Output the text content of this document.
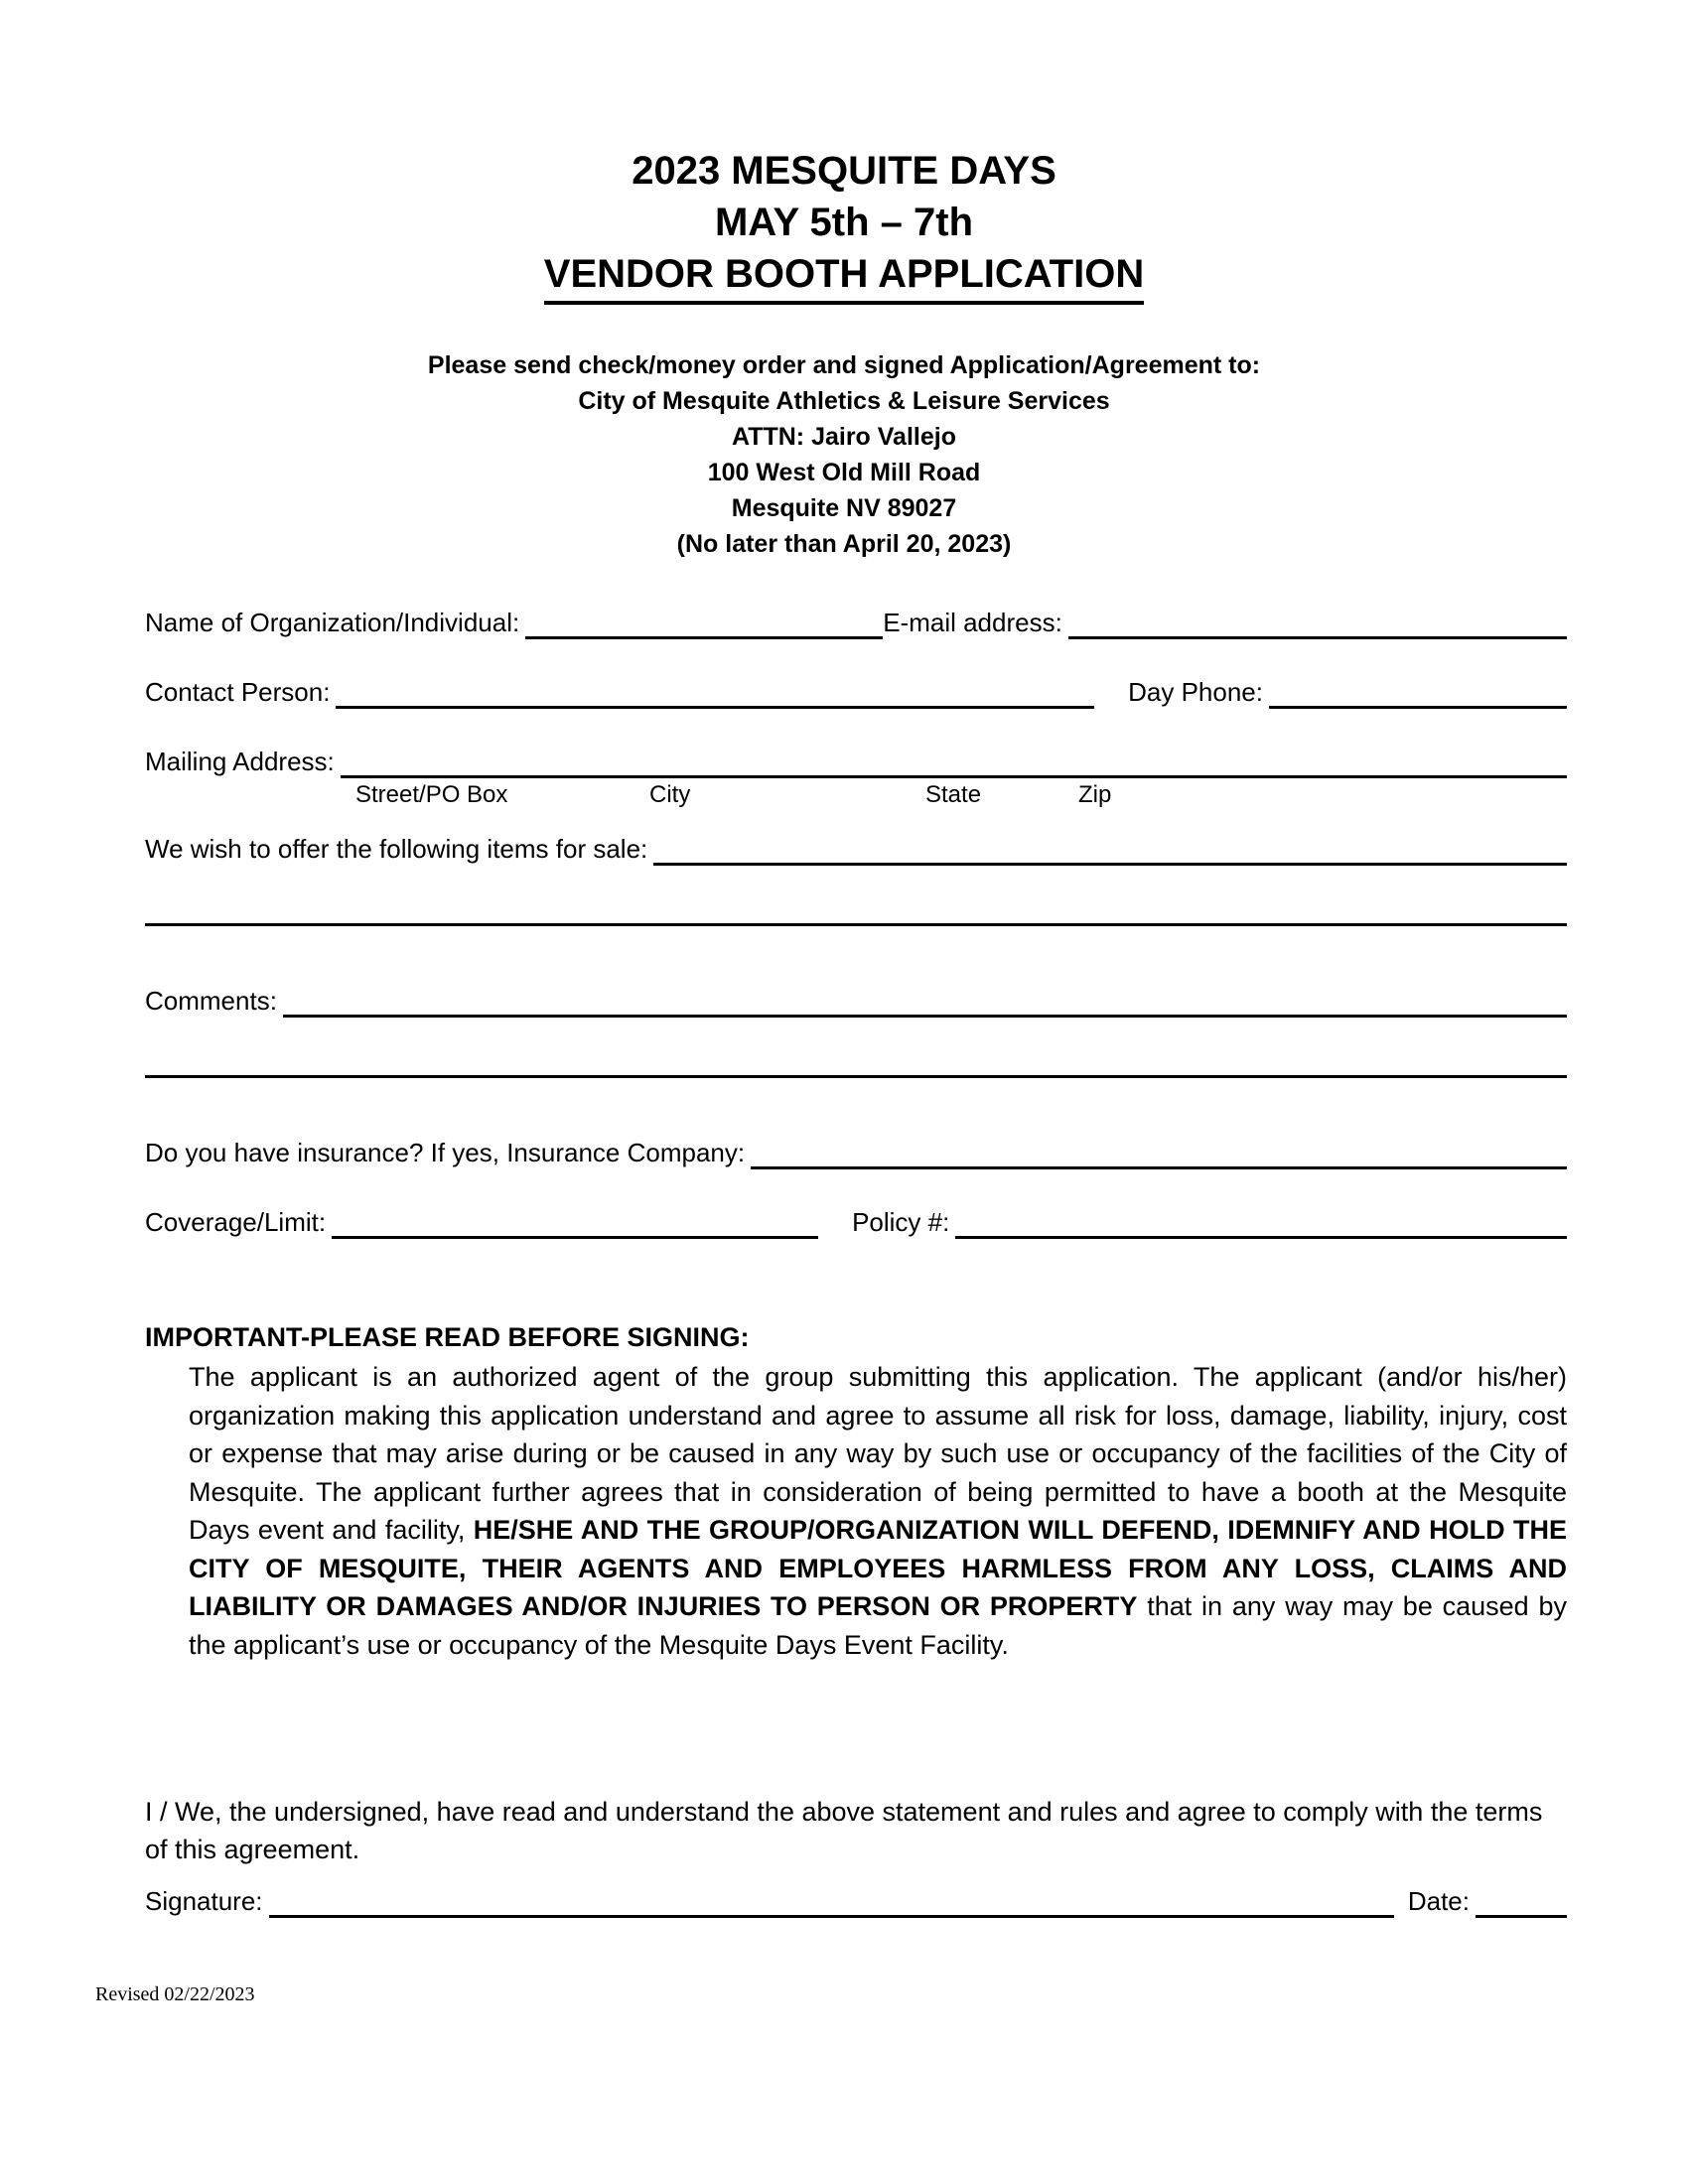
2023 MESQUITE DAYS
MAY 5th – 7th
VENDOR BOOTH APPLICATION
Please send check/money order and signed Application/Agreement to:
City of Mesquite Athletics & Leisure Services
ATTN: Jairo Vallejo
100 West Old Mill Road
Mesquite NV 89027
(No later than April 20, 2023)
Name of Organization/Individual:	E-mail address:
Contact Person:	Day Phone:
Mailing Address:
Street/PO Box	City	State	Zip
We wish to offer the following items for sale:
Comments:
Do you have insurance? If yes, Insurance Company:
Coverage/Limit:	Policy #:
IMPORTANT-PLEASE READ BEFORE SIGNING:
The applicant is an authorized agent of the group submitting this application. The applicant (and/or his/her) organization making this application understand and agree to assume all risk for loss, damage, liability, injury, cost or expense that may arise during or be caused in any way by such use or occupancy of the facilities of the City of Mesquite. The applicant further agrees that in consideration of being permitted to have a booth at the Mesquite Days event and facility, HE/SHE AND THE GROUP/ORGANIZATION WILL DEFEND, IDEMNIFY AND HOLD THE CITY OF MESQUITE, THEIR AGENTS AND EMPLOYEES HARMLESS FROM ANY LOSS, CLAIMS AND LIABILITY OR DAMAGES AND/OR INJURIES TO PERSON OR PROPERTY that in any way may be caused by the applicant’s use or occupancy of the Mesquite Days Event Facility.
I / We, the undersigned, have read and understand the above statement and rules and agree to comply with the terms of this agreement.
Signature:	Date:
Revised 02/22/2023
